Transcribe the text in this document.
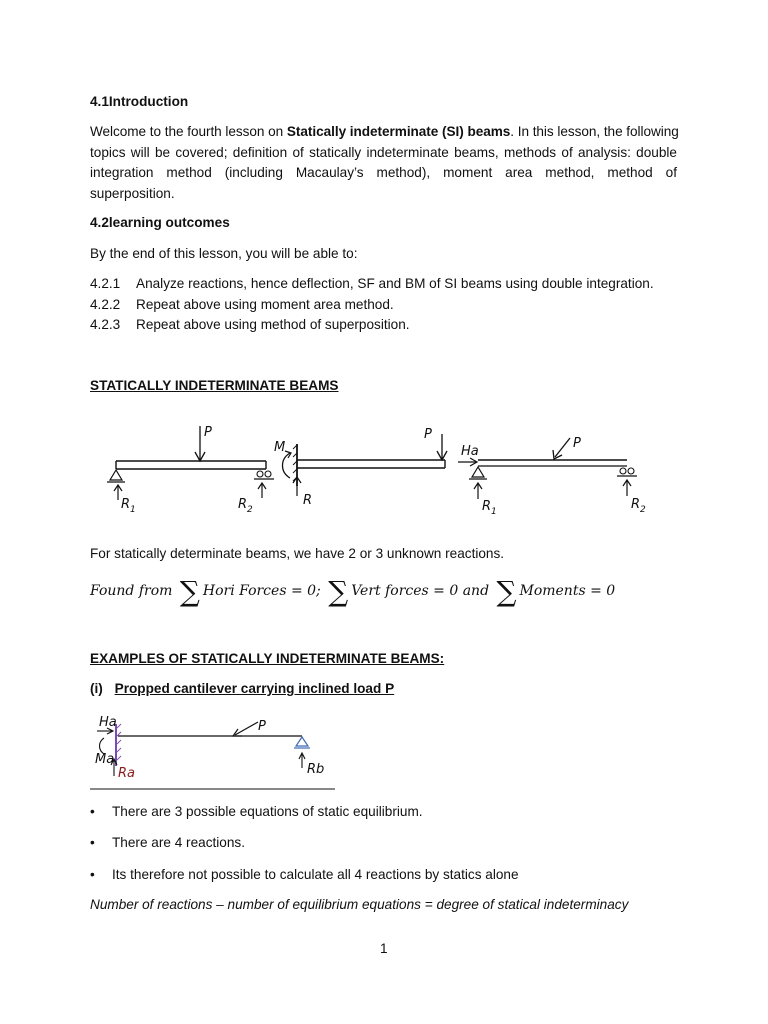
4.1Introduction
Welcome to the fourth lesson on Statically indeterminate (SI) beams. In this lesson, the following
topics will be covered; definition of statically indeterminate beams, methods of analysis: double integration method (including Macaulay’s method), moment area method, method of superposition.
4.2learning outcomes
By the end of this lesson, you will be able to:
4.2.1 Analyze reactions, hence deflection, SF and BM of SI beams using double integration.
4.2.2 Repeat above using moment area method.
4.2.3 Repeat above using method of superposition.
STATICALLY INDETERMINATE BEAMS
P
$R_1$	$R_2$
M
R
P
Ha
$R_1$
P
$R_2$
For statically determinate beams, we have 2 or 3 unknown reactions.
Found from ∑ Hori Forces = 0; ∑ Vert forces = 0 and ∑ Moments = 0
EXAMPLES OF STATICALLY INDETERMINATE BEAMS:
(i) Propped cantilever carrying inclined load P
Ha
Ma
Ra
P
Rb
• There are 3 possible equations of static equilibrium.
• There are 4 reactions.
• Its therefore not possible to calculate all 4 reactions by statics alone
Number of reactions – number of equilibrium equations = degree of statical indeterminacy
1
